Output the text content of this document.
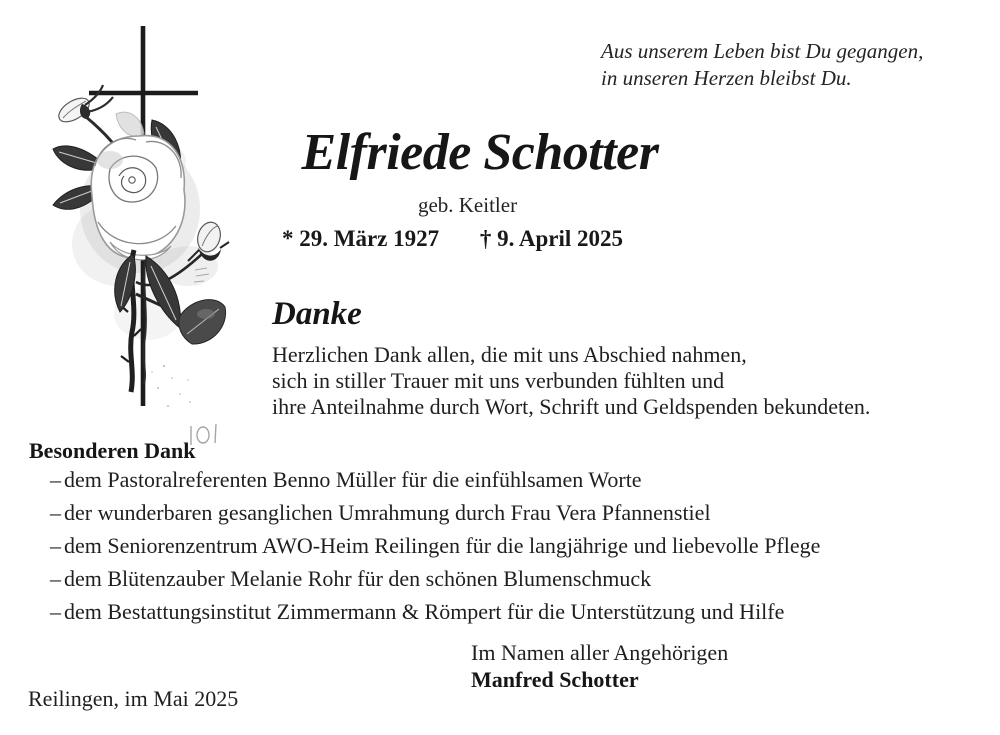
Aus unserem Leben bist Du gegangen,
in unseren Herzen bleibst Du.
Elfriede Schotter
geb. Keitler
* 29. März 1927 † 9. April 2025
Danke
Herzlichen Dank allen, die mit uns Abschied nahmen,
sich in stiller Trauer mit uns verbunden fühlten und
ihre Anteilnahme durch Wort, Schrift und Geldspenden bekundeten.
Besonderen Dank
– dem Pastoralreferenten Benno Müller für die einfühlsamen Worte
– der wunderbaren gesanglichen Umrahmung durch Frau Vera Pfannenstiel
– dem Seniorenzentrum AWO-Heim Reilingen für die langjährige und liebevolle Pflege
– dem Blütenzauber Melanie Rohr für den schönen Blumenschmuck
– dem Bestattungsinstitut Zimmermann & Römpert für die Unterstützung und Hilfe
Im Namen aller Angehörigen
Manfred Schotter
Reilingen, im Mai 2025
